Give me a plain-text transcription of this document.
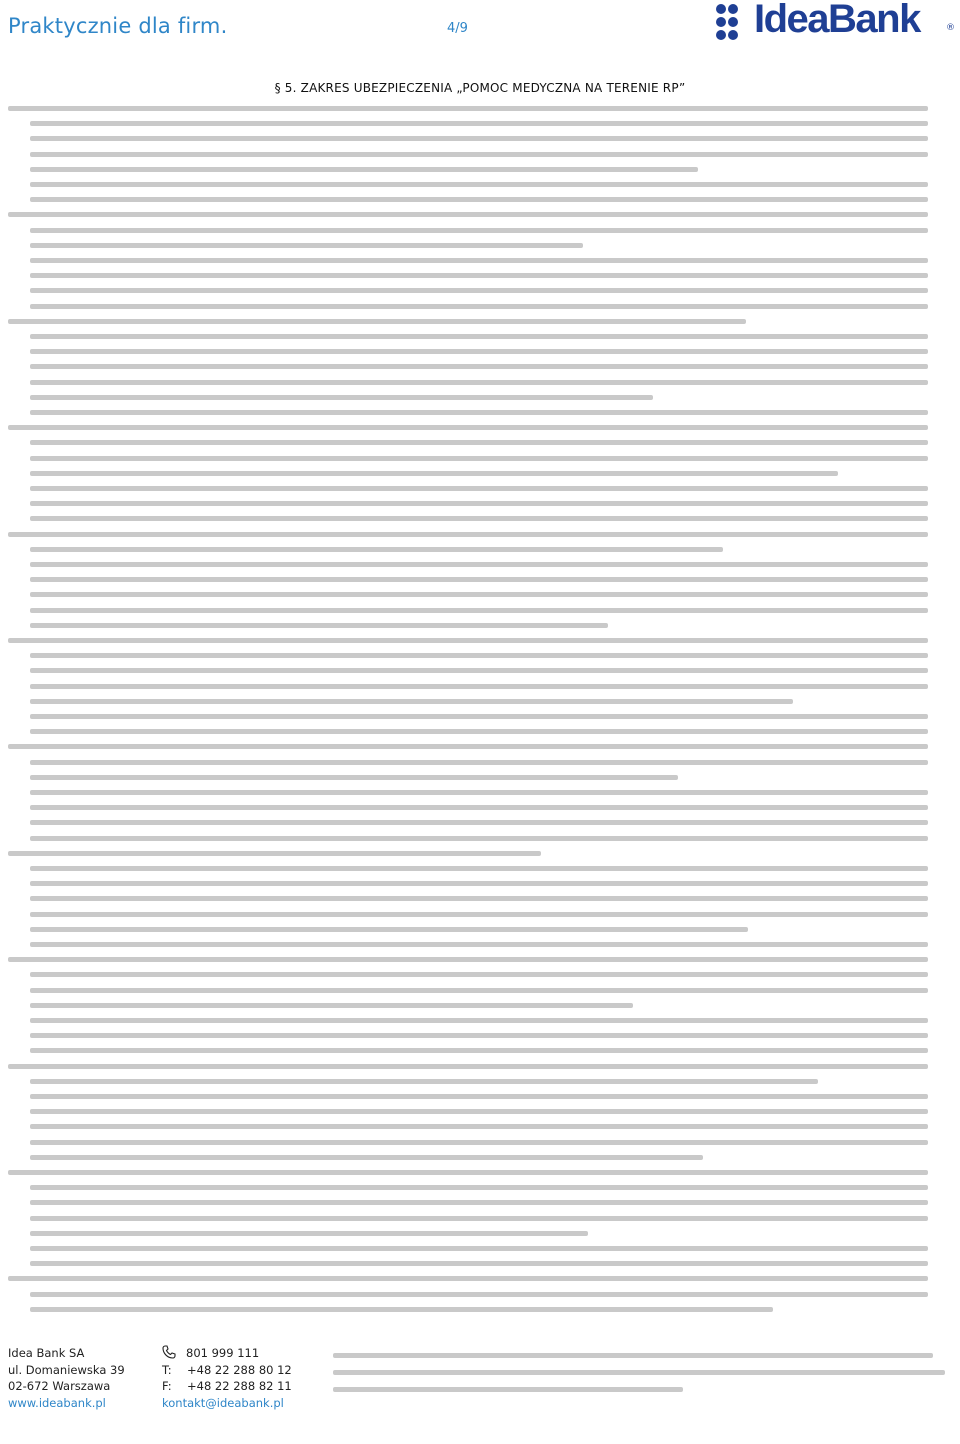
Praktycznie dla firm.	4/9	IdeaBank	®
§ 5. ZAKRES UBEZPIECZENIA „POMOC MEDYCZNA NA TERENIE RP”
Idea Bank SA
ul. Domaniewska 39
02-672 Warszawa
www.ideabank.pl
801 999 111
T: +48 22 288 80 12
F: +48 22 288 82 11
kontakt@ideabank.pl
